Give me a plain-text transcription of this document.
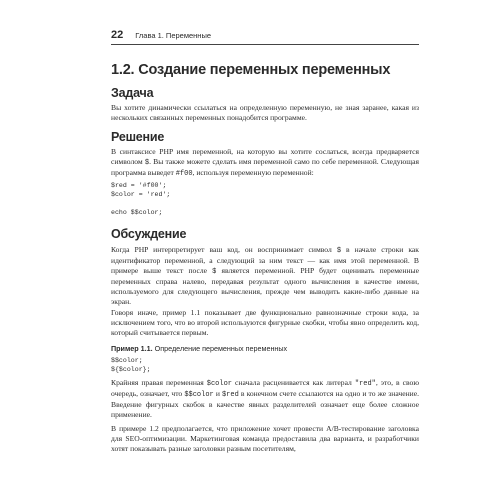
22 Глава 1. Переменные
1.2. Создание переменных переменных
Задача

Вы хотите динамически ссылаться на определенную переменную, не зная заранее, какая из нескольких связанных переменных понадобится программе.

Решение

В синтаксисе PHP имя переменной, на которую вы хотите сослаться, всегда предваряется символом $. Вы также можете сделать имя переменной само по себе переменной. Следующая программа выведет #f00, используя переменную переменной:

$red = '#f00';
$color = 'red';

echo $$color;
Обсуждение

Когда PHP интерпретирует ваш код, он воспринимает символ $ в начале строки как идентификатор переменной, а следующий за ним текст — как имя этой переменной. В примере выше текст после $ является переменной. PHP будет оценивать переменные переменных справа налево, передавая результат одного вычисления в качестве имени, используемого для следующего вычисления, прежде чем выводить какие-либо данные на экран.

Говоря иначе, пример 1.1 показывает две функционально равнозначные строки кода, за исключением того, что во второй используются фигурные скобки, чтобы явно определить код, который считывается первым.

Пример 1.1. Определение переменных переменных
$$color;
${$color};

Крайняя правая переменная $color сначала расценивается как литерал "red", это, в свою очередь, означает, что $$color и $red в конечном счете ссылаются на одно и то же значение. Введение фигурных скобок в качестве явных разделителей означает еще более сложное применение.

В примере 1.2 предполагается, что приложение хочет провести A/B-тестирование заголовка для SEO-оптимизации. Маркетинговая команда предоставила два варианта, и разработчики хотят показывать разные заголовки разным посетителям,
